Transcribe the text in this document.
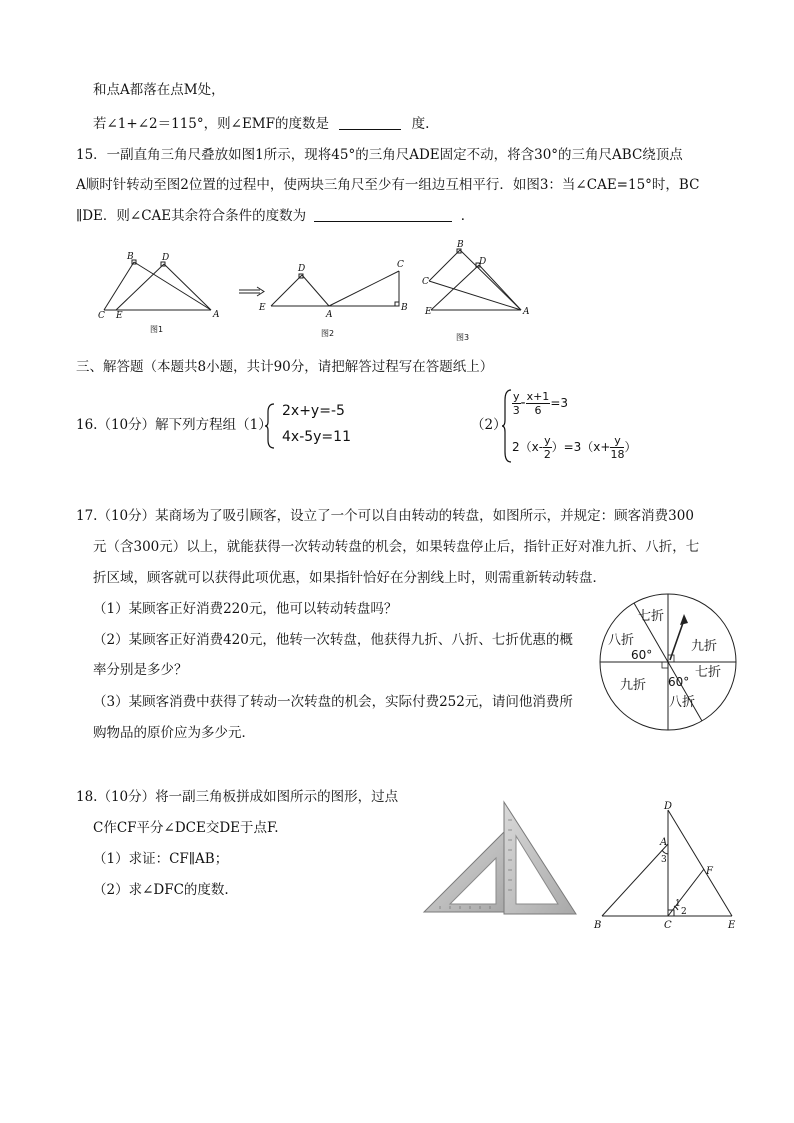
和点A都落在点M处，
若∠1+∠2＝115°，则∠EMF的度数是	度.
15．一副直角三角尺叠放如图1所示，现将45°的三角尺ADE固定不动，将含30°的三角尺ABC绕顶点
A顺时针转动至图2位置的过程中，使两块三角尺至少有一组边互相平行．如图3：当∠CAE=15°时，BC
∥DE．则∠CAE其余符合条件的度数为	．
B	D
C E	A
图1
D
E
A
C
B
图2
B
D
C
E	A
图3
三、解答题（本题共8小题，共计90分，请把解答过程写在答题纸上）
16.（10分）解下列方程组（1）
2x+y=-5
4x-5y=11
（2）
$\frac{y}{3} - \frac{x+1}{6} =3$
$2(x- \frac{y}{2} )=3(x+ \frac{y}{18}$ ）
17.（10分）某商场为了吸引顾客，设立了一个可以自由转动的转盘，如图所示，并规定：顾客消费300
元（含300元）以上，就能获得一次转动转盘的机会，如果转盘停止后，指针正好对准九折、八折，七
折区域，顾客就可以获得此项优惠，如果指针恰好在分割线上时，则需重新转动转盘．
（1）某顾客正好消费220元，他可以转动转盘吗？
（2）某顾客正好消费420元，他转一次转盘，他获得九折、八折、七折优惠的概
率分别是多少？
（3）某顾客消费中获得了转动一次转盘的机会，实际付费252元，请问他消费所
购物品的原价应为多少元．
七折
八折	九折
七折
九折
八折
60°
60°
18.（10分）将一副三角板拼成如图所示的图形，过点
C作CF平分∠DCE交DE于点F.
（1）求证：CF∥AB；
（2）求∠DFC的度数.
D
A
F
B	C	E
1
2
3
